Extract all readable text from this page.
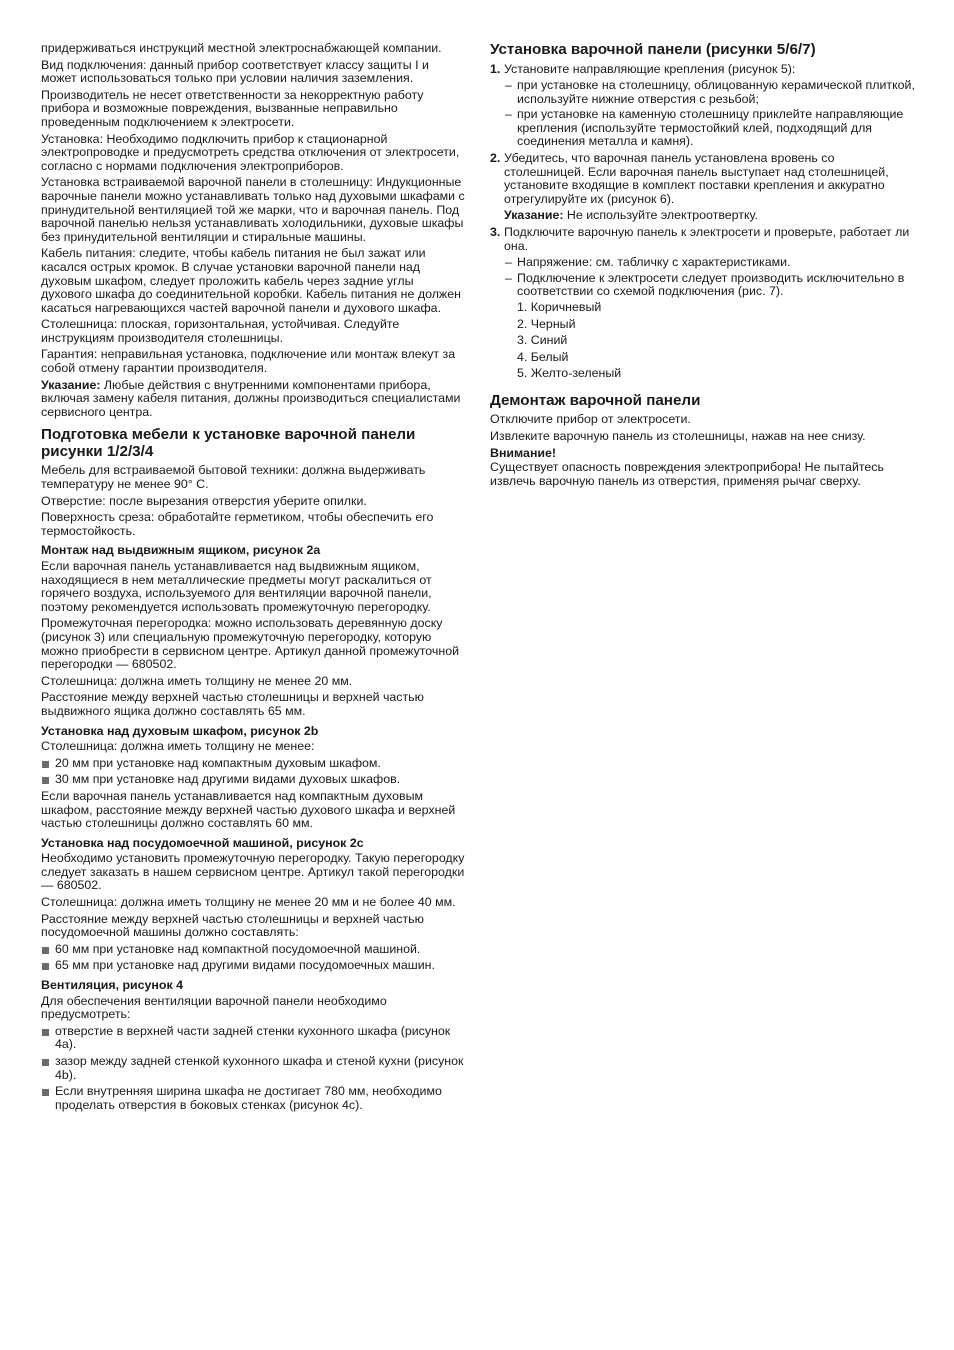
придерживаться инструкций местной электроснабжающей компании.

Вид подключения: данный прибор соответствует классу защиты I и может использоваться только при условии наличия заземления.

Производитель не несет ответственности за некорректную работу прибора и возможные повреждения, вызванные неправильно проведенным подключением к электросети.

Установка: Необходимо подключить прибор к стационарной электропроводке и предусмотреть средства отключения от электросети, согласно с нормами подключения электроприборов.

Установка встраиваемой варочной панели в столешницу: Индукционные варочные панели можно устанавливать только над духовыми шкафами с принудительной вентиляцией той же марки, что и варочная панель. Под варочной панелью нельзя устанавливать холодильники, духовые шкафы без принудительной вентиляции и стиральные машины.

Кабель питания: следите, чтобы кабель питания не был зажат или касался острых кромок. В случае установки варочной панели над духовым шкафом, следует проложить кабель через задние углы духового шкафа до соединительной коробки. Кабель питания не должен касаться нагревающихся частей варочной панели и духового шкафа.

Столешница: плоская, горизонтальная, устойчивая. Следуйте инструкциям производителя столешницы.

Гарантия: неправильная установка, подключение или монтаж влекут за собой отмену гарантии производителя.

Указание: Любые действия с внутренними компонентами прибора, включая замену кабеля питания, должны производиться специалистами сервисного центра.

Подготовка мебели к установке варочной панели рисунки 1/2/3/4

Мебель для встраиваемой бытовой техники: должна выдерживать температуру не менее 90° C.

Отверстие: после вырезания отверстия уберите опилки.

Поверхность среза: обработайте герметиком, чтобы обеспечить его термостойкость.

Монтаж над выдвижным ящиком, рисунок 2a

Если варочная панель устанавливается над выдвижным ящиком, находящиеся в нем металлические предметы могут раскалиться от горячего воздуха, используемого для вентиляции варочной панели, поэтому рекомендуется использовать промежуточную перегородку.

Промежуточная перегородка: можно использовать деревянную доску (рисунок 3) или специальную промежуточную перегородку, которую можно приобрести в сервисном центре. Артикул данной промежуточной перегородки — 680502.

Столешница: должна иметь толщину не менее 20 мм.

Расстояние между верхней частью столешницы и верхней частью выдвижного ящика должно составлять 65 мм.

Установка над духовым шкафом, рисунок 2b

Столешница: должна иметь толщину не менее:

20 мм при установке над компактным духовым шкафом.
30 мм при установке над другими видами духовых шкафов.

Если варочная панель устанавливается над компактным духовым шкафом, расстояние между верхней частью духового шкафа и верхней частью столешницы должно составлять 60 мм.

Установка над посудомоечной машиной, рисунок 2c

Необходимо установить промежуточную перегородку. Такую перегородку следует заказать в нашем сервисном центре. Артикул такой перегородки — 680502.

Столешница: должна иметь толщину не менее 20 мм и не более 40 мм.

Расстояние между верхней частью столешницы и верхней частью посудомоечной машины должно составлять:

60 мм при установке над компактной посудомоечной машиной.
65 мм при установке над другими видами посудомоечных машин.
Вентиляция, рисунок 4

Для обеспечения вентиляции варочной панели необходимо предусмотреть:

отверстие в верхней части задней стенки кухонного шкафа (рисунок 4a).
зазор между задней стенкой кухонного шкафа и стеной кухни (рисунок 4b).
Если внутренняя ширина шкафа не достигает 780 мм, необходимо проделать отверстия в боковых стенках (рисунок 4c).
Установка варочной панели (рисунки 5/6/7)
1. Установите направляющие крепления (рисунок 5):

– при установке на столешницу, облицованную керамической плиткой, используйте нижние отверстия с резьбой;
– при установке на каменную столешницу приклейте направляющие крепления (используйте термостойкий клей, подходящий для соединения металла и камня).
2. Убедитесь, что варочная панель установлена вровень со столешницей. Если варочная панель выступает над столешницей, установите входящие в комплект поставки крепления и аккуратно отрегулируйте их (рисунок 6).

Указание: Не используйте электроотвертку.

3. Подключите варочную панель к электросети и проверьте, работает ли она.

– Напряжение: см. табличку с характеристиками.
– Подключение к электросети следует производить исключительно в соответствии со схемой подключения (рис. 7).
1. Коричневый
2. Черный
3. Синий
4. Белый
5. Желто-зеленый
Демонтаж варочной панели

Отключите прибор от электросети.

Извлеките варочную панель из столешницы, нажав на нее снизу.

Внимание!

Существует опасность повреждения электроприбора! Не пытайтесь извлечь варочную панель из отверстия, применяя рычаг сверху.
